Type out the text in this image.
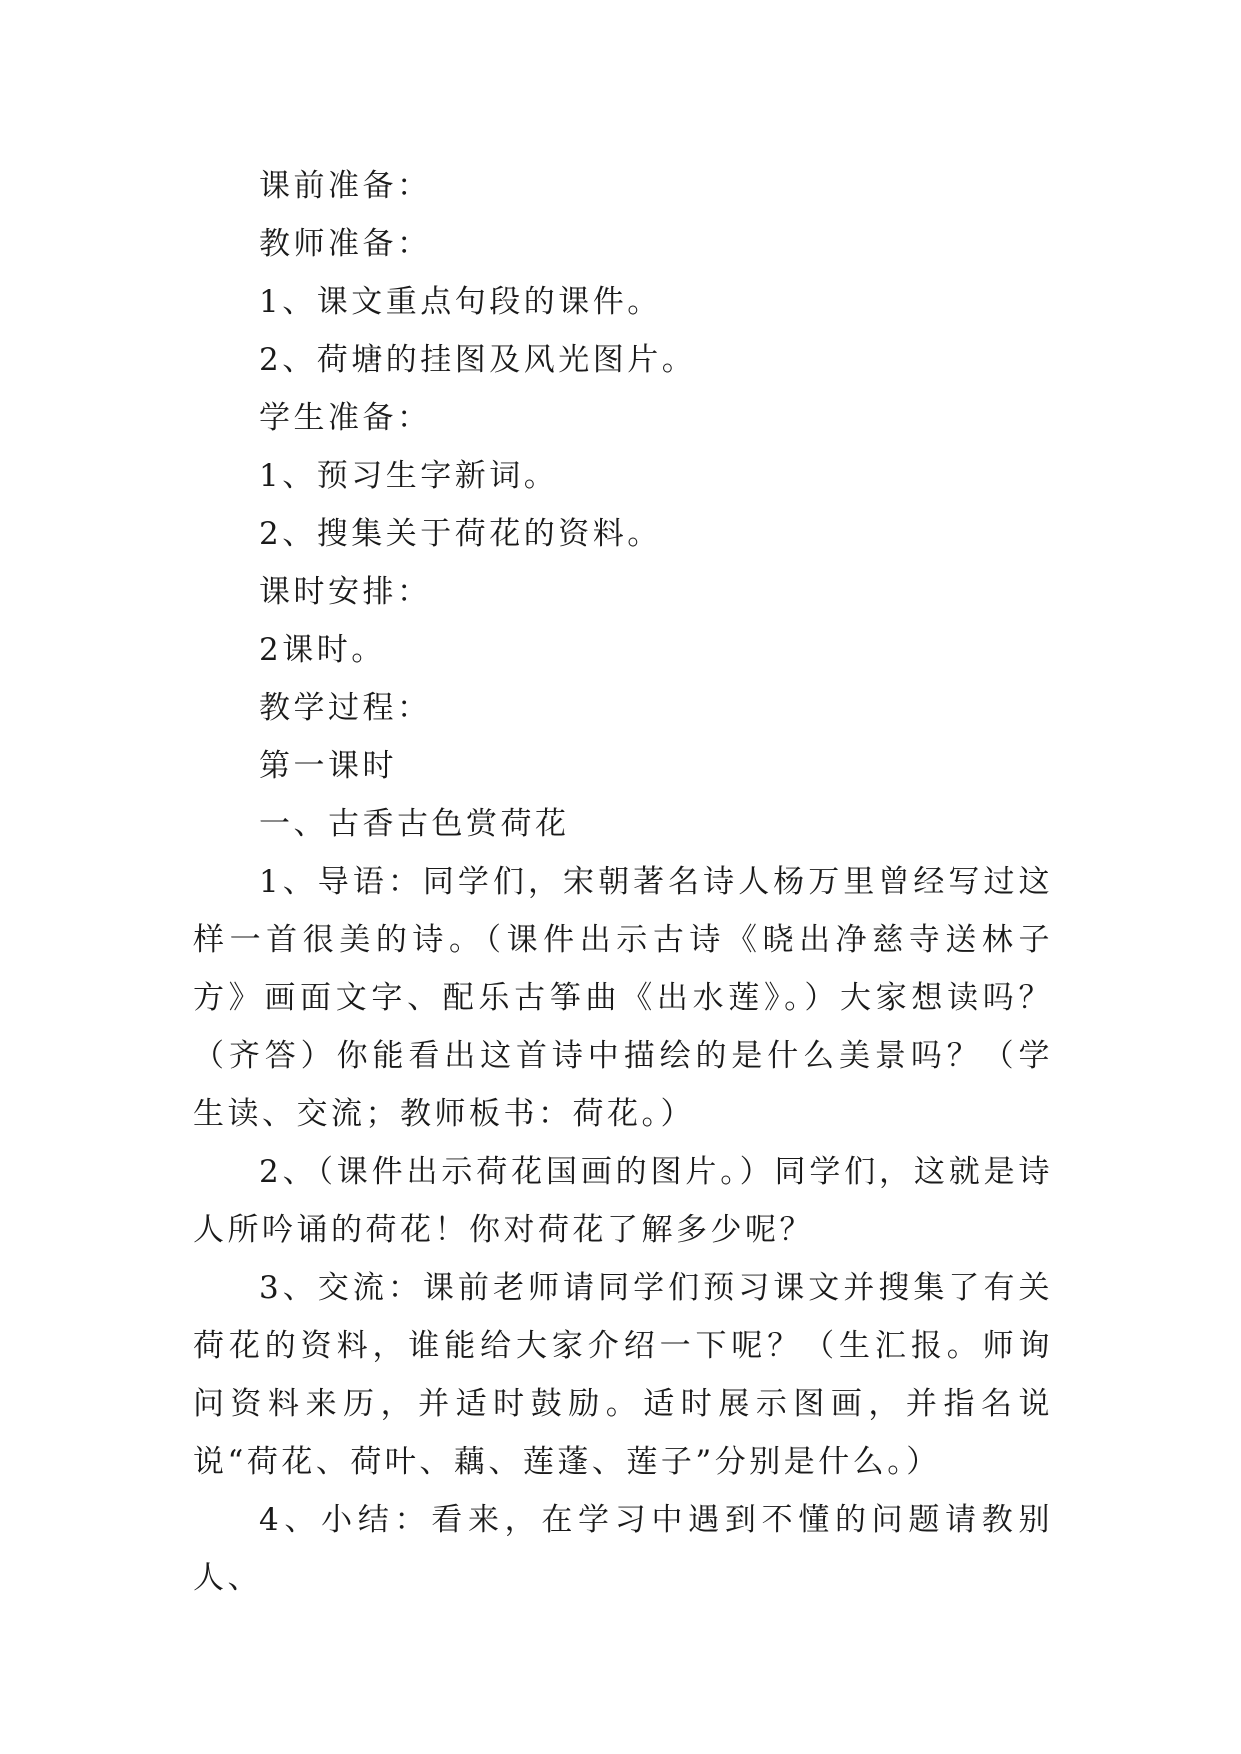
课前准备：
教师准备：
1、课文重点句段的课件。
2、荷塘的挂图及风光图片。
学生准备：
1、预习生字新词。
2、搜集关于荷花的资料。
课时安排：
2课时。
教学过程：
第一课时
一、古香古色赏荷花
1、导语：同学们，宋朝著名诗人杨万里曾经写过这样一首很美的诗。（课件出示古诗《晓出净慈寺送林子方》画面文字、配乐古筝曲《出水莲》。）大家想读吗？（齐答）你能看出这首诗中描绘的是什么美景吗？（学生读、交流；教师板书：荷花。）
2、（课件出示荷花国画的图片。）同学们，这就是诗人所吟诵的荷花！你对荷花了解多少呢？
3、交流：课前老师请同学们预习课文并搜集了有关荷花的资料，谁能给大家介绍一下呢？（生汇报。师询问资料来历，并适时鼓励。适时展示图画，并指名说说“荷花、荷叶、藕、莲蓬、莲子”分别是什么。）
4、小结：看来，在学习中遇到不懂的问题请教别人、
